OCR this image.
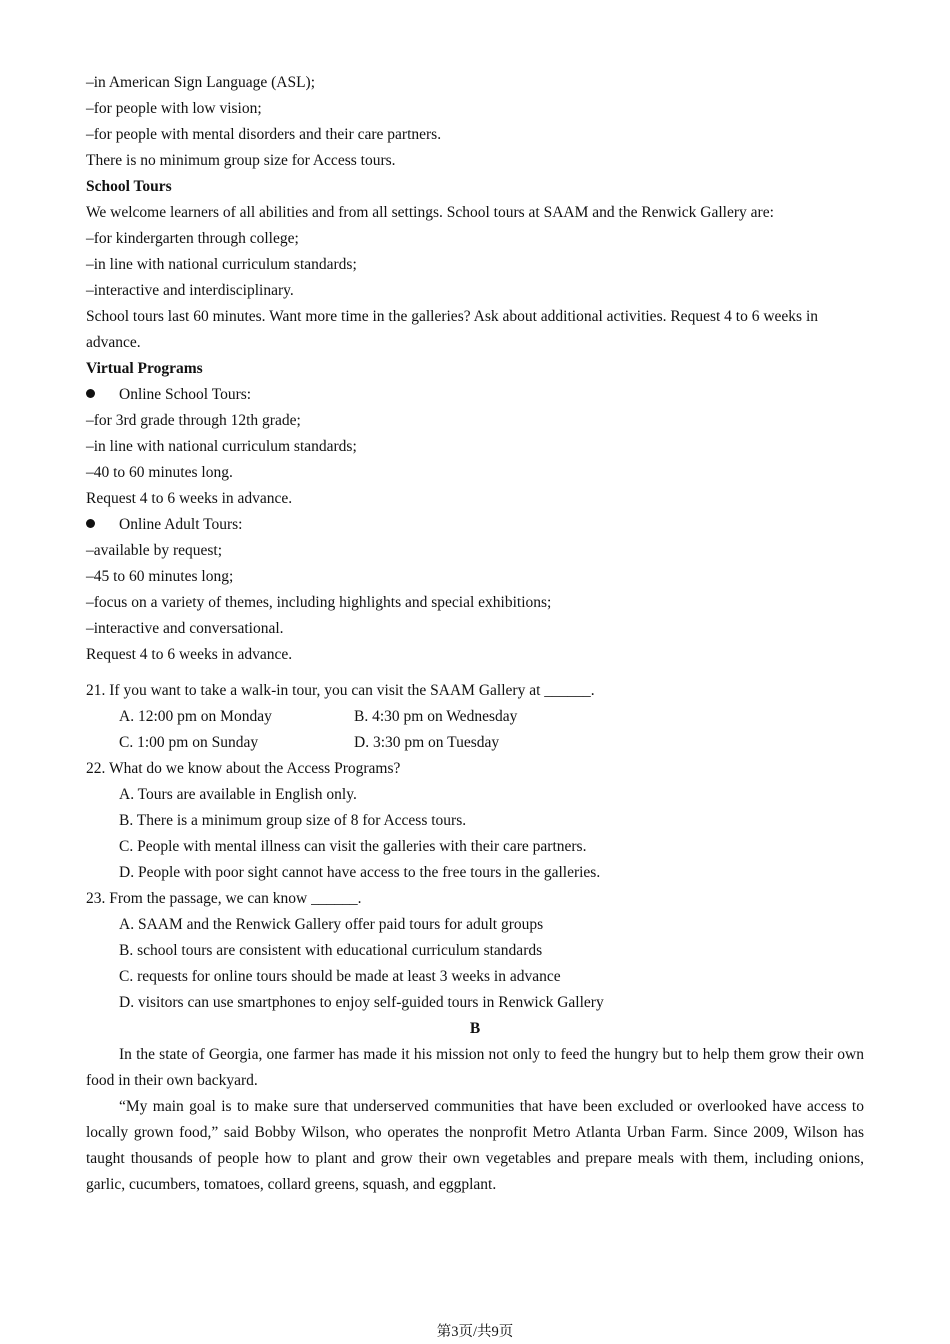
–in American Sign Language (ASL);
–for people with low vision;
–for people with mental disorders and their care partners.
There is no minimum group size for Access tours.
School Tours
We welcome learners of all abilities and from all settings. School tours at SAAM and the Renwick Gallery are:
–for kindergarten through college;
–in line with national curriculum standards;
–interactive and interdisciplinary.
School tours last 60 minutes. Want more time in the galleries? Ask about additional activities. Request 4 to 6 weeks in advance.
Virtual Programs
Online School Tours:
–for 3rd grade through 12th grade;
–in line with national curriculum standards;
–40 to 60 minutes long.
Request 4 to 6 weeks in advance.
Online Adult Tours:
–available by request;
–45 to 60 minutes long;
–focus on a variety of themes, including highlights and special exhibitions;
–interactive and conversational.
Request 4 to 6 weeks in advance.
21. If you want to take a walk-in tour, you can visit the SAAM Gallery at ______.
A. 12:00 pm on Monday	B. 4:30 pm on Wednesday
C. 1:00 pm on Sunday	D. 3:30 pm on Tuesday
22. What do we know about the Access Programs?
A. Tours are available in English only.
B. There is a minimum group size of 8 for Access tours.
C. People with mental illness can visit the galleries with their care partners.
D. People with poor sight cannot have access to the free tours in the galleries.
23. From the passage, we can know ______.
A. SAAM and the Renwick Gallery offer paid tours for adult groups
B. school tours are consistent with educational curriculum standards
C. requests for online tours should be made at least 3 weeks in advance
D. visitors can use smartphones to enjoy self-guided tours in Renwick Gallery
B
In the state of Georgia, one farmer has made it his mission not only to feed the hungry but to help them grow their own food in their own backyard.
“My main goal is to make sure that underserved communities that have been excluded or overlooked have access to locally grown food,” said Bobby Wilson, who operates the nonprofit Metro Atlanta Urban Farm. Since 2009, Wilson has taught thousands of people how to plant and grow their own vegetables and prepare meals with them, including onions, garlic, cucumbers, tomatoes, collard greens, squash, and eggplant.
第3页/共9页
